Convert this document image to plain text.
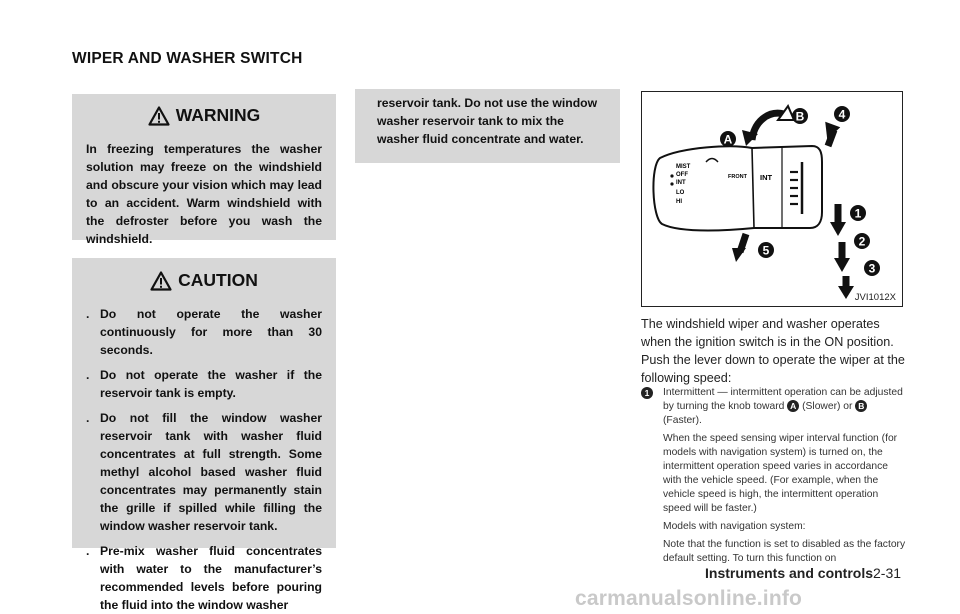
WIPER AND WASHER SWITCH
WARNING
In freezing temperatures the washer solution may freeze on the windshield and obscure your vision which may lead to an accident. Warm windshield with the defroster before you wash the windshield.
CAUTION
. Do not operate the washer continuously for more than 30 seconds.
. Do not operate the washer if the reservoir tank is empty.
. Do not fill the window washer reservoir tank with washer fluid concentrates at full strength. Some methyl alcohol based washer fluid concentrates may permanently stain the grille if spilled while filling the window washer reservoir tank.
. Pre-mix washer fluid concentrates with water to the manufacturer’s recommended levels before pouring the fluid into the window washer
reservoir tank. Do not use the window washer reservoir tank to mix the washer fluid concentrate and water.
MIST
OFF
INT
LO
HI
FRONT INT
A
B
1
2
3
4
5
JVI1012X
The windshield wiper and washer operates when the ignition switch is in the ON position.
Push the lever down to operate the wiper at the following speed:
1	Intermittent — intermittent operation can be adjusted by turning the knob toward A (Slower) or B (Faster).

When the speed sensing wiper interval function (for models with navigation system) is turned on, the intermittent operation speed varies in accordance with the vehicle speed. (For example, when the vehicle speed is high, the intermittent operation speed will be faster.)

Models with navigation system:

Note that the function is set to disabled as the factory default setting. To turn this function on

Instruments and controls 2-31
carmanualsonline.info
